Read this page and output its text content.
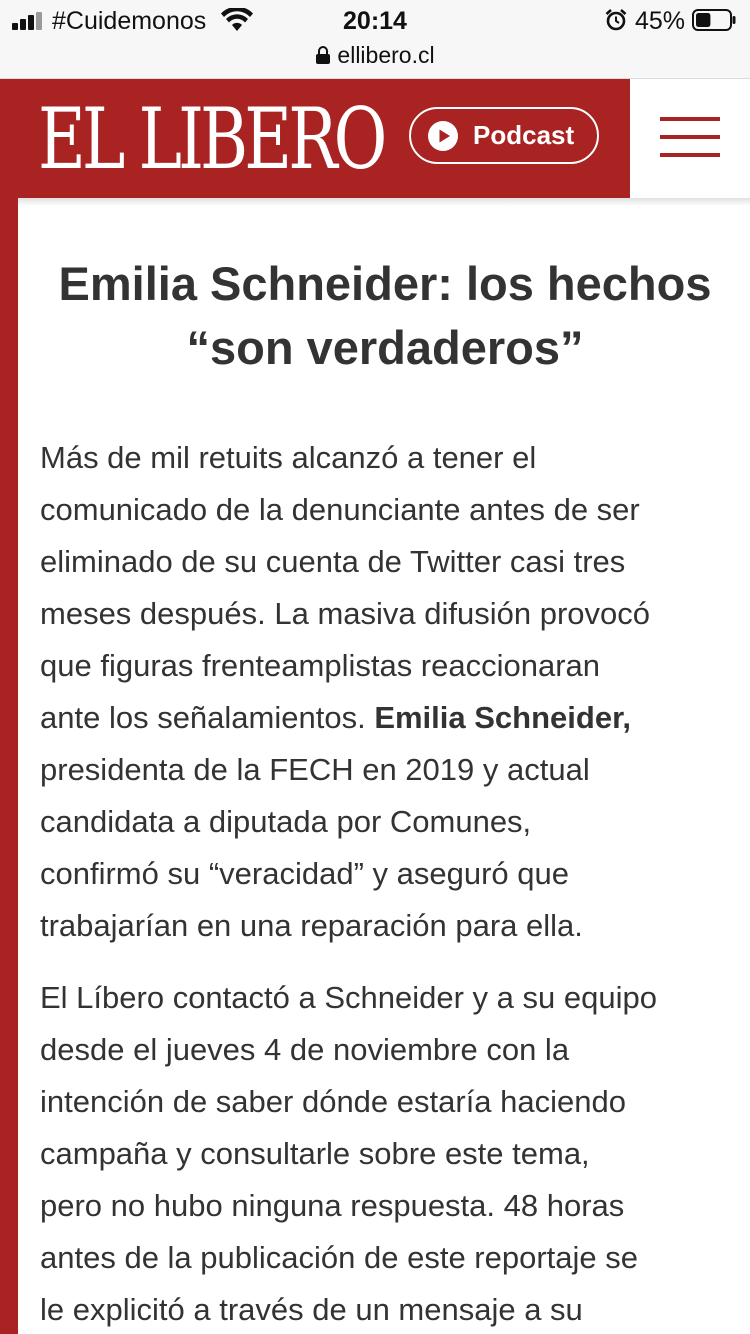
#Cuidemonos	20:14	45%
ellibero.cl
EL LIBERO	Podcast
Emilia Schneider: los hechos
“son verdaderos”

Más de mil retuits alcanzó a tener el
comunicado de la denunciante antes de ser
eliminado de su cuenta de Twitter casi tres
meses después. La masiva difusión provocó
que figuras frenteamplistas reaccionaran
ante los señalamientos. Emilia Schneider,
presidenta de la FECH en 2019 y actual
candidata a diputada por Comunes,
confirmó su “veracidad” y aseguró que
trabajarían en una reparación para ella.

El Líbero contactó a Schneider y a su equipo
desde el jueves 4 de noviembre con la
intención de saber dónde estaría haciendo
campaña y consultarle sobre este tema,
pero no hubo ninguna respuesta. 48 horas
antes de la publicación de este reportaje se
le explicitó a través de un mensaje a su
